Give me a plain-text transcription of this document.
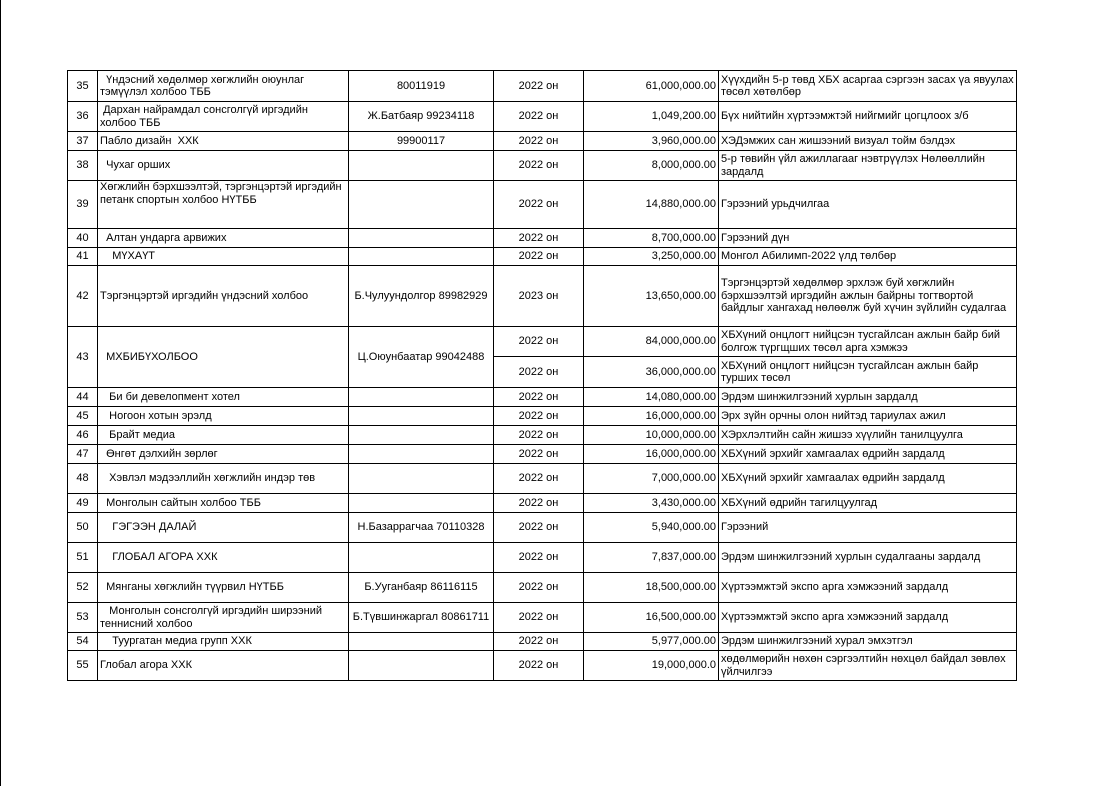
35	Үндэсний хөдөлмөр хөгжлийн оюунлаг тэмүүлэл холбоо ТББ	80011919	2022 он	61,000,000.00	Хүүхдийн 5-р төвд ХБХ асаргаа сэргээн засах үа явуулах төсөл хөтөлбөр
36	Дархан найрамдал сонсголгүй иргэдийн холбоо ТББ	Ж.Батбаяр 99234118	2022 он	1,049,200.00	Бүх нийтийн хүртээмжтэй нийгмийг цогцлоох з/б
37	Пабло дизайн  ХХК	99900117	2022 он	3,960,000.00	ХЭДэмжих сан жишээний визуал тойм бэлдэх
38	Чухаг орших		2022 он	8,000,000.00	5-р төвийн үйл ажиллагааг нэвтрүүлэх Нөлөөллийн зардалд
39	Хөгжлийн бэрхшээлтэй, тэргэнцэртэй иргэдийн петанк спортын холбоо НҮТББ		2022 он	14,880,000.00	Гэрээний урьдчилгаа
40	Алтан ундарга арвижих		2022 он	8,700,000.00	Гэрээний дүн
41	МҮХАҮТ		2022 он	3,250,000.00	Монгол Абилимп-2022 үлд төлбөр
42	Тэргэнцэртэй иргэдийн үндэсний холбоо	Б.Чулуундолгор 89982929	2023 он	13,650,000.00	Тэргэнцэртэй хөдөлмөр эрхлэж буй хөгжлийн бэрхшээлтэй иргэдийн ажлын байрны тогтвортой байдлыг хангахад нөлөөлж буй хүчин зүйлийн судалгаа
43	МХБИБҮХОЛБОО	Ц.Оюунбаатар 99042488	2022 он	84,000,000.00	ХБХүний онцлогт нийцсэн тусгайлсан ажлын байр бий болгож түргщших төсөл арга хэмжээ
			2022 он	36,000,000.00	ХБХүний онцлогт нийцсэн тусгайлсан ажлын байр турших төсөл
44	Би би девелопмент хотел		2022 он	14,080,000.00	Эрдэм шинжилгээний хурлын зардалд
45	Ногоон хотын эрэлд		2022 он	16,000,000.00	Эрх зүйн орчны олон нийтэд тариулах ажил
46	Брайт медиа		2022 он	10,000,000.00	ХЭрхлэлтийн сайн жишээ хүүлийн танилцуулга
47	Өнгөт дэлхийн зөрлөг		2022 он	16,000,000.00	ХБХүний эрхийг хамгаалах өдрийн зардалд
48	Хэвлэл мэдээллийн хөгжлийн индэр төв		2022 он	7,000,000.00	ХБХүний эрхийг хамгаалах өдрийн зардалд
49	Монголын сайтын холбоо ТББ		2022 он	3,430,000.00	ХБХүний өдрийн тагилцуулгад
50	ГЭГЭЭН ДАЛАЙ	Н.Базаррагчаа 70110328	2022 он	5,940,000.00	Гэрээний
51	ГЛОБАЛ АГОРА ХХК		2022 он	7,837,000.00	Эрдэм шинжилгээний хурлын судалгааны зардалд
52	Мянганы хөгжлийн түүрвил НҮТББ	Б.Ууганбаяр 86116115	2022 он	18,500,000.00	Хүртээмжтэй экспо арга хэмжээний зардалд
53	Монголын сонсголгүй иргэдийн ширээний теннисний холбоо	Б.Түвшинжаргал 80861711	2022 он	16,500,000.00	Хүртээмжтэй экспо арга хэмжээний зардалд
54	Туургатан медиа групп ХХК		2022 он	5,977,000.00	Эрдэм шинжилгээний хурал эмхэтгэл
55	Глобал агора ХХК		2022 он	19,000,000.0	хөдөлмөрийн нөхөн сэргээлтийн нөхцөл байдал зөвлөх үйлчилгээ
